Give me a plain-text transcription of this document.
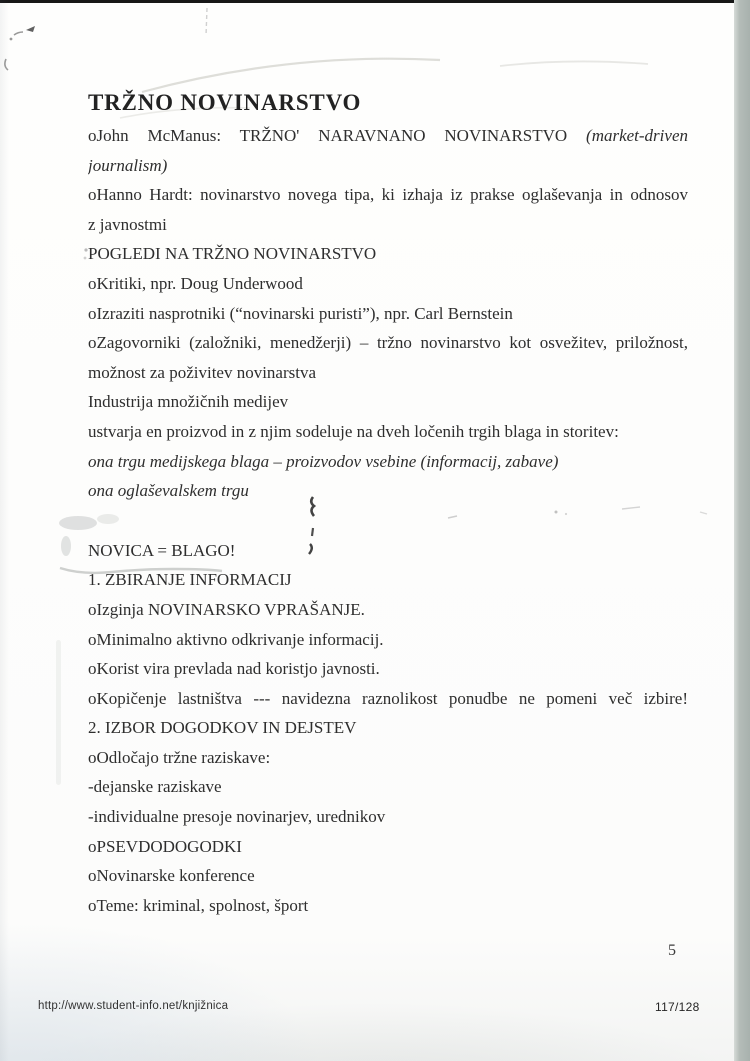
TRŽNO NOVINARSTVO
oJohn McManus: TRŽNO' NARAVNANO NOVINARSTVO (market-driven
journalism)
oHanno Hardt: novinarstvo novega tipa, ki izhaja iz prakse oglaševanja in odnosov
z javnostmi
POGLEDI NA TRŽNO NOVINARSTVO
oKritiki, npr. Doug Underwood
oIzraziti nasprotniki (“novinarski puristi”), npr. Carl Bernstein
oZagovorniki (založniki, menedžerji) – tržno novinarstvo kot osvežitev, priložnost,
možnost za poživitev novinarstva
Industrija množičnih medijev
ustvarja en proizvod in z njim sodeluje na dveh ločenih trgih blaga in storitev:
ona trgu medijskega blaga – proizvodov vsebine (informacij, zabave)
ona oglaševalskem trgu
NOVICA = BLAGO!
1. ZBIRANJE INFORMACIJ
oIzginja NOVINARSKO VPRAŠANJE.
oMinimalno aktivno odkrivanje informacij.
oKorist vira prevlada nad koristjo javnosti.
oKopičenje lastništva --- navidezna raznolikost ponudbe ne pomeni več izbire!
2. IZBOR DOGODKOV IN DEJSTEV
oOdločajo tržne raziskave:
-dejanske raziskave
-individualne presoje novinarjev, urednikov
oPSEVDODOGODKI
oNovinarske konference
oTeme: kriminal, spolnost, šport
5
http://www.student-info.net/knjižnica	117/128
